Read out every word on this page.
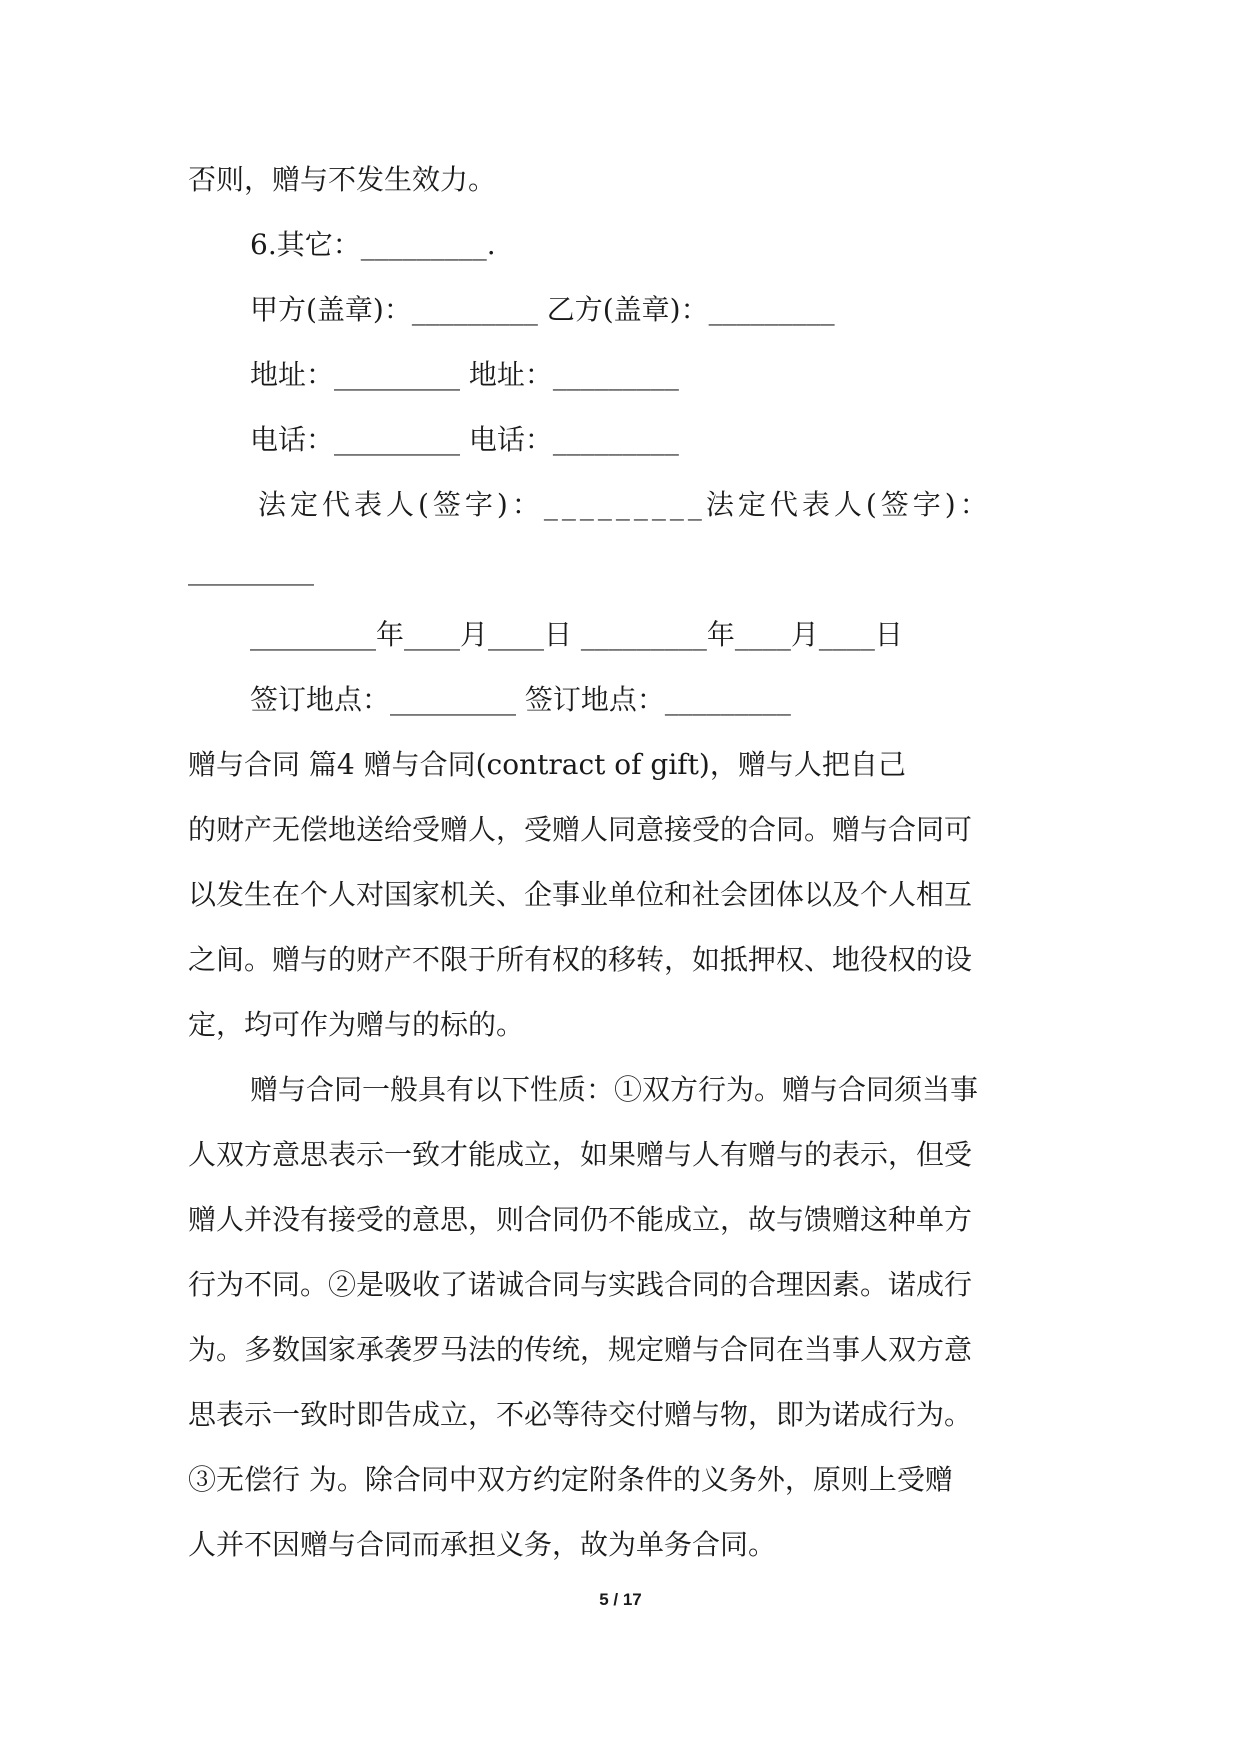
否则，赠与不发生效力。
6.其它：_________.
甲方(盖章)：_________ 乙方(盖章)：_________
地址：_________ 地址：_________
电话：_________ 电话：_________
法定代表人(签字)：_________法定代表人(签字)：
_________
_________年____月____日 _________年____月____日
签订地点：_________ 签订地点：_________
赠与合同 篇4 赠与合同(contract of gift)，赠与人把自己
的财产无偿地送给受赠人，受赠人同意接受的合同。赠与合同可
以发生在个人对国家机关、企事业单位和社会团体以及个人相互
之间。赠与的财产不限于所有权的移转，如抵押权、地役权的设
定，均可作为赠与的标的。
赠与合同一般具有以下性质：①双方行为。赠与合同须当事
人双方意思表示一致才能成立，如果赠与人有赠与的表示，但受
赠人并没有接受的意思，则合同仍不能成立，故与馈赠这种单方
行为不同。②是吸收了诺诚合同与实践合同的合理因素。诺成行
为。多数国家承袭罗马法的传统，规定赠与合同在当事人双方意
思表示一致时即告成立，不必等待交付赠与物，即为诺成行为。
③无偿行 为。除合同中双方约定附条件的义务外，原则上受赠
人并不因赠与合同而承担义务，故为单务合同。
5 / 17
